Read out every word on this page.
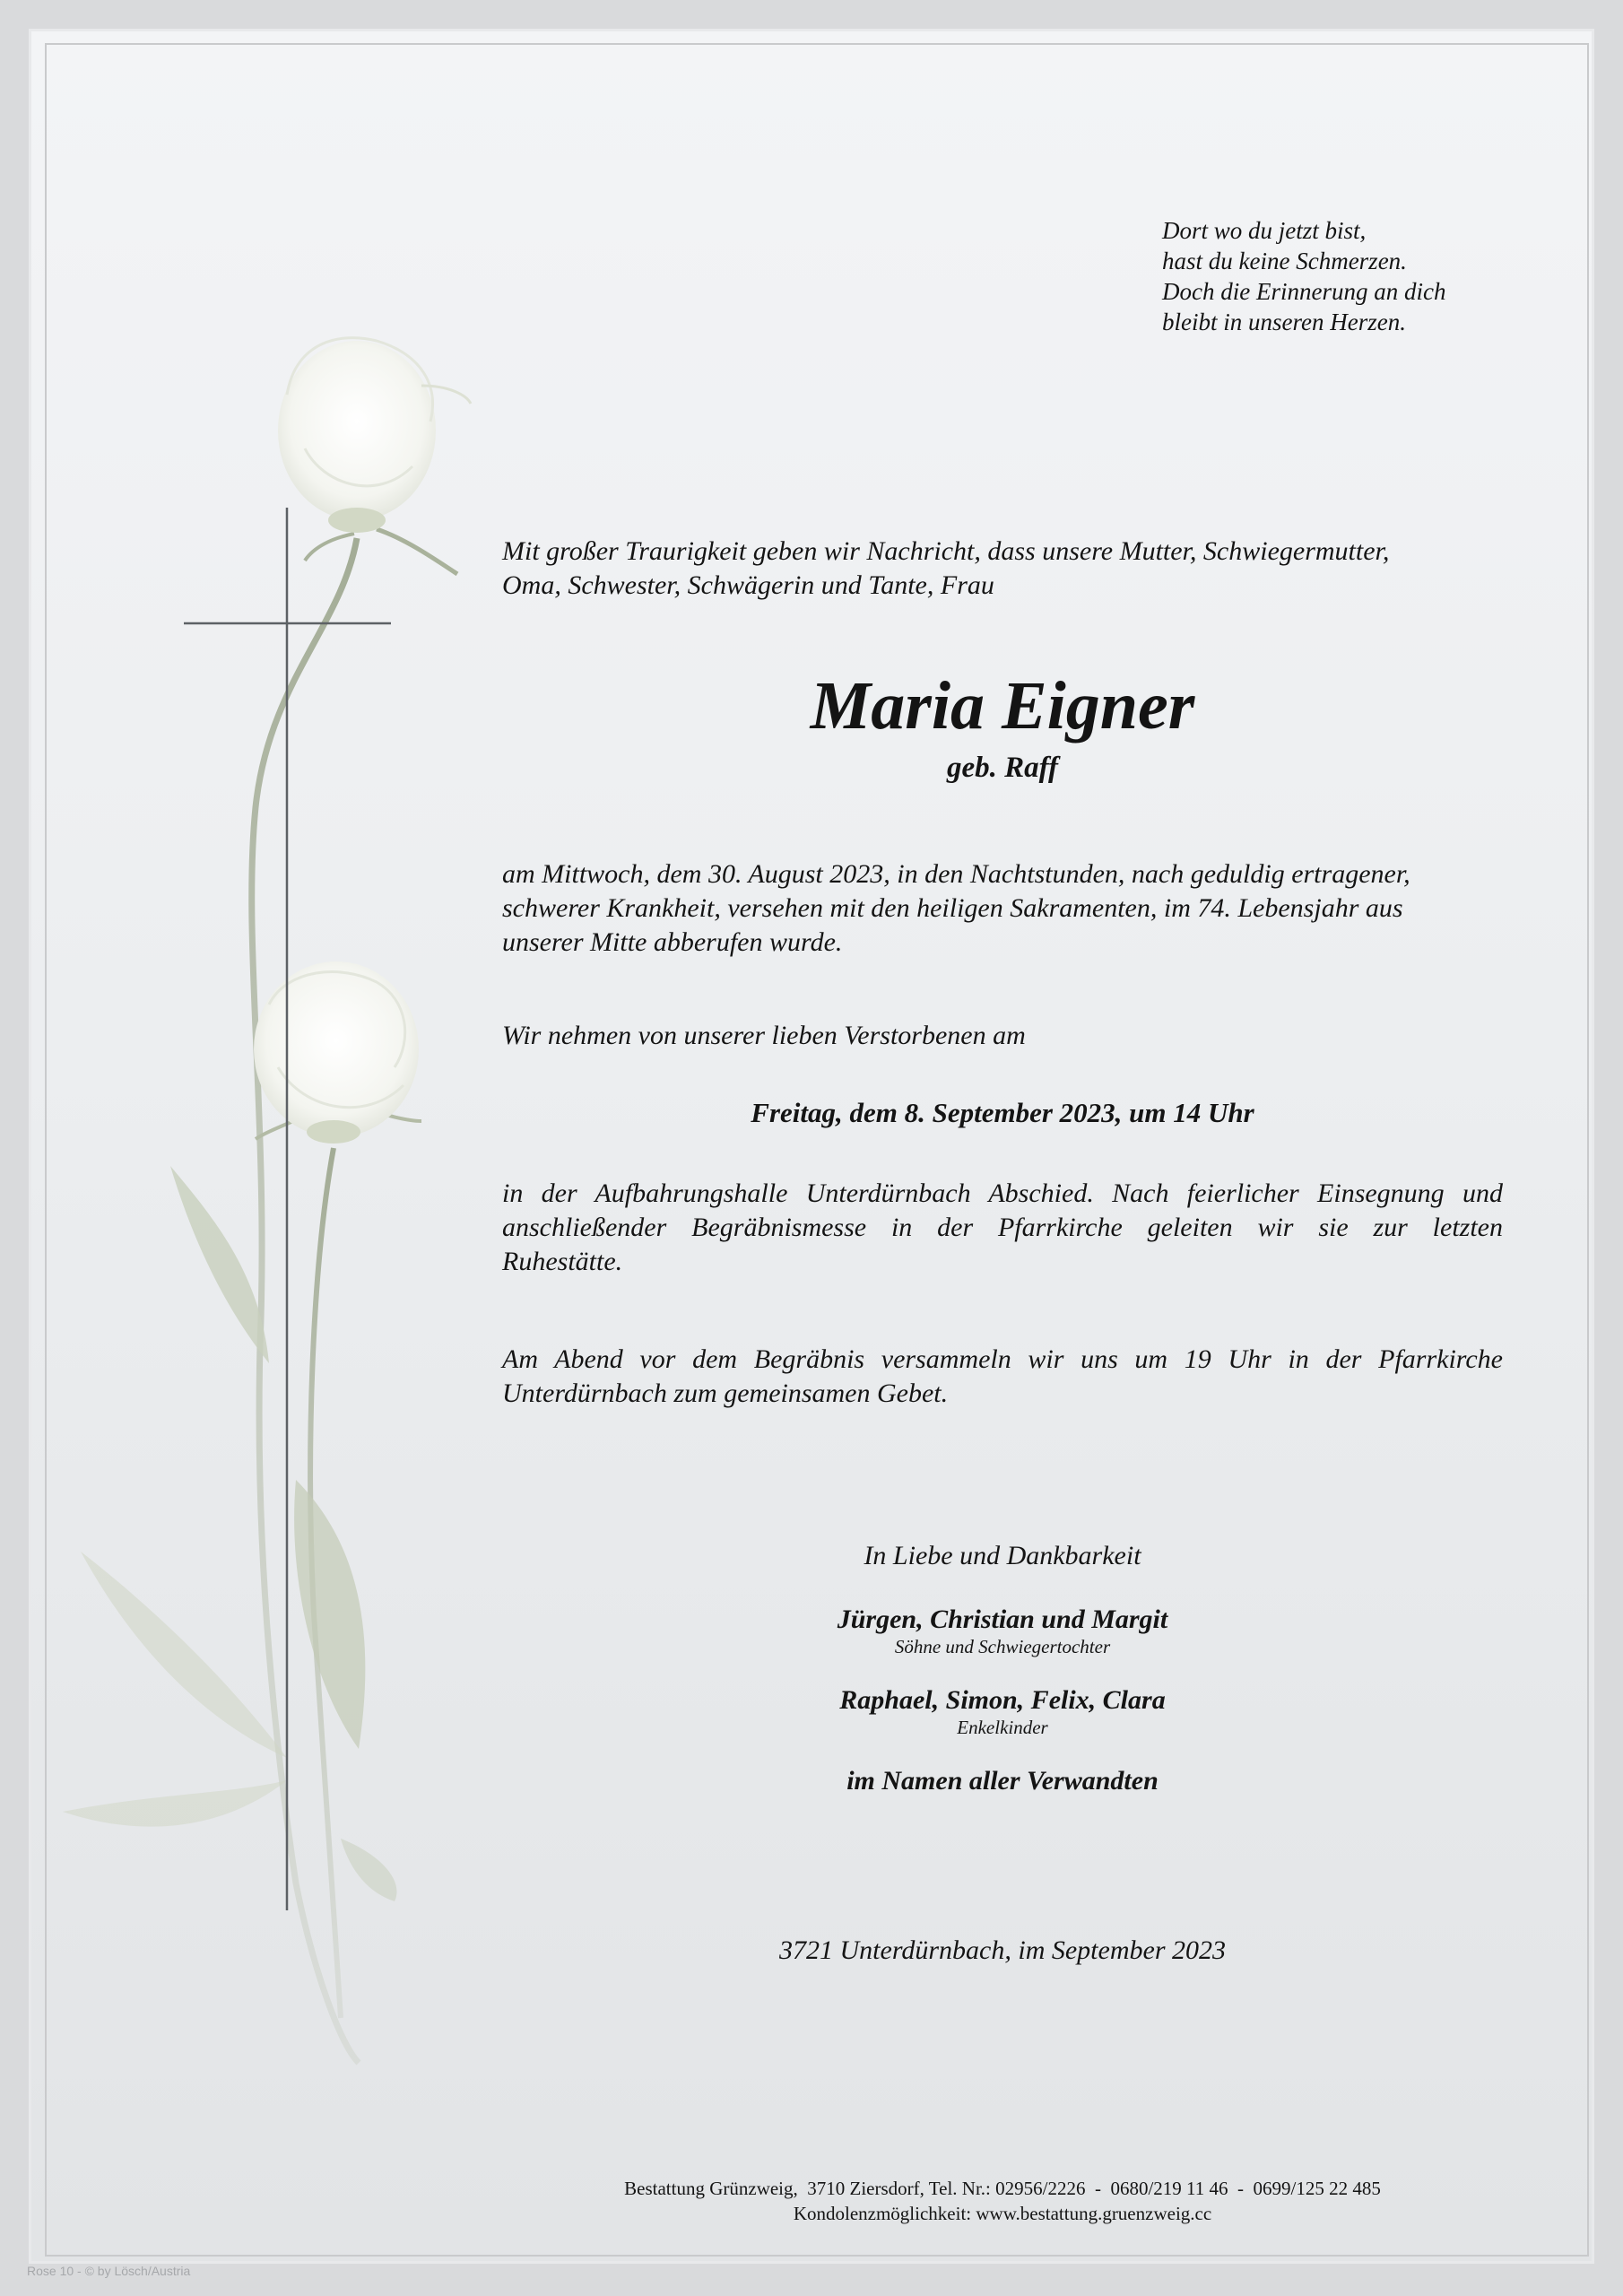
Dort wo du jetzt bist,
hast du keine Schmerzen.
Doch die Erinnerung an dich
bleibt in unseren Herzen.
Mit großer Traurigkeit geben wir Nachricht, dass unsere Mutter, Schwiegermutter,
Oma, Schwester, Schwägerin und Tante, Frau
Maria Eigner
geb. Raff
am Mittwoch, dem 30. August 2023, in den Nachtstunden, nach geduldig ertragener,
schwerer Krankheit, versehen mit den heiligen Sakramenten, im 74. Lebensjahr aus
unserer Mitte abberufen wurde.
Wir nehmen von unserer lieben Verstorbenen am
Freitag, dem 8. September 2023, um 14 Uhr
in der Aufbahrungshalle Unterdürnbach Abschied. Nach feierlicher Einsegnung und
anschließender Begräbnismesse in der Pfarrkirche geleiten wir sie zur letzten
Ruhestätte.
Am Abend vor dem Begräbnis versammeln wir uns um 19 Uhr in der Pfarrkirche
Unterdürnbach zum gemeinsamen Gebet.
In Liebe und Dankbarkeit
Jürgen, Christian und Margit
Söhne und Schwiegertochter
Raphael, Simon, Felix, Clara
Enkelkinder
im Namen aller Verwandten
3721 Unterdürnbach, im September 2023
Bestattung Grünzweig,  3710 Ziersdorf, Tel. Nr.: 02956/2226  -  0680/219 11 46  -  0699/125 22 485
Kondolenzmöglichkeit: www.bestattung.gruenzweig.cc
Rose 10 - © by Lösch/Austria
